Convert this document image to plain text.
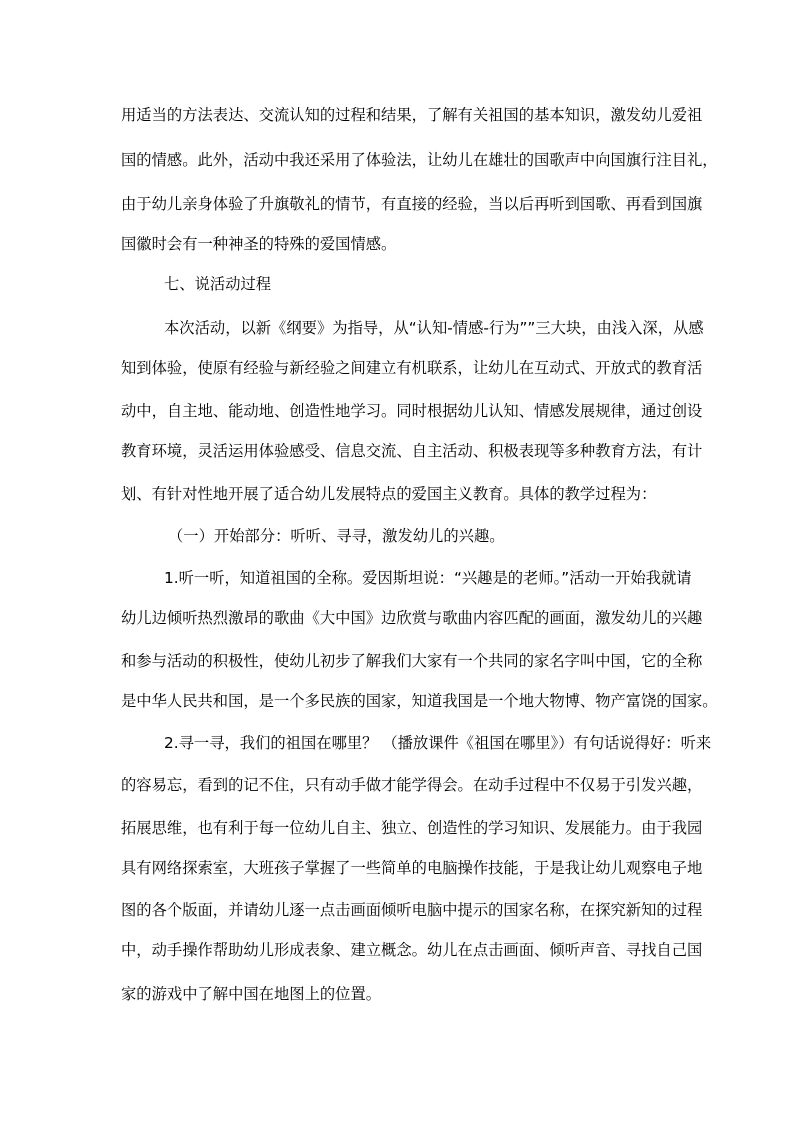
用适当的方法表达、交流认知的过程和结果，了解有关祖国的基本知识，激发幼儿爱祖
国的情感。此外，活动中我还采用了体验法，让幼儿在雄壮的国歌声中向国旗行注目礼，
由于幼儿亲身体验了升旗敬礼的情节，有直接的经验，当以后再听到国歌、再看到国旗
国徽时会有一种神圣的特殊的爱国情感。
七、说活动过程
本次活动，以新《纲要》为指导，从“认知-情感-行为””三大块，由浅入深，从感
知到体验，使原有经验与新经验之间建立有机联系，让幼儿在互动式、开放式的教育活
动中，自主地、能动地、创造性地学习。同时根据幼儿认知、情感发展规律，通过创设
教育环境，灵活运用体验感受、信息交流、自主活动、积极表现等多种教育方法，有计
划、有针对性地开展了适合幼儿发展特点的爱国主义教育。具体的教学过程为：
（一）开始部分：听听、寻寻，激发幼儿的兴趣。
1.听一听，知道祖国的全称。爱因斯坦说：“兴趣是的老师。”活动一开始我就请
幼儿边倾听热烈激昂的歌曲《大中国》边欣赏与歌曲内容匹配的画面，激发幼儿的兴趣
和参与活动的积极性，使幼儿初步了解我们大家有一个共同的家名字叫中国，它的全称
是中华人民共和国，是一个多民族的国家，知道我国是一个地大物博、物产富饶的国家。
2.寻一寻，我们的祖国在哪里？ （播放课件《祖国在哪里》）有句话说得好：听来
的容易忘，看到的记不住，只有动手做才能学得会。在动手过程中不仅易于引发兴趣，
拓展思维，也有利于每一位幼儿自主、独立、创造性的学习知识、发展能力。由于我园
具有网络探索室，大班孩子掌握了一些简单的电脑操作技能，于是我让幼儿观察电子地
图的各个版面，并请幼儿逐一点击画面倾听电脑中提示的国家名称，在探究新知的过程
中，动手操作帮助幼儿形成表象、建立概念。幼儿在点击画面、倾听声音、寻找自己国
家的游戏中了解中国在地图上的位置。
